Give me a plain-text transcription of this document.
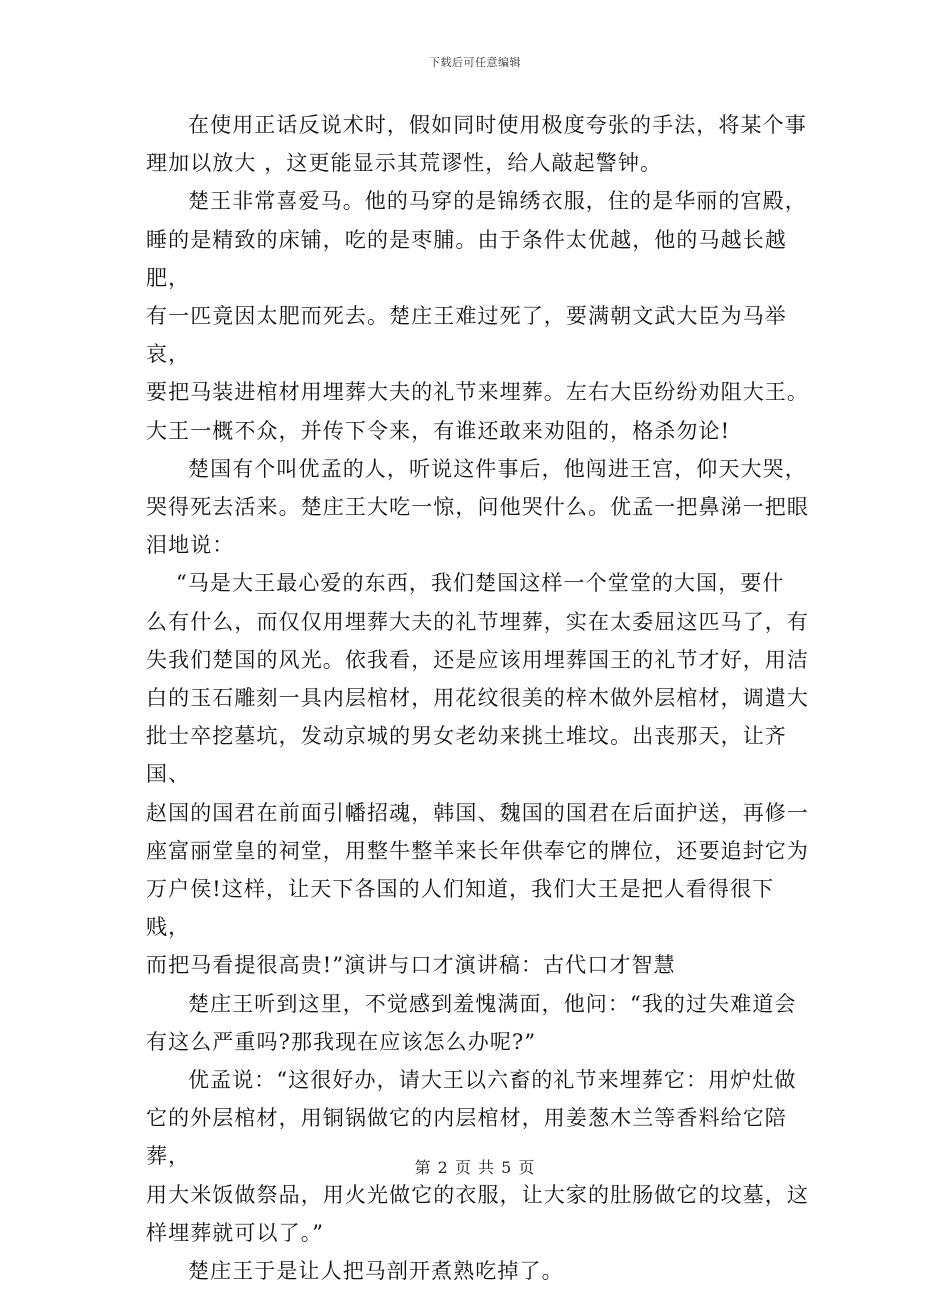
下载后可任意编辑

在使用正话反说术时，假如同时使用极度夸张的手法，将某个事
理加以放大 ，这更能显示其荒谬性，给人敲起警钟。

楚王非常喜爱马。他的马穿的是锦绣衣服，住的是华丽的宫殿，
睡的是精致的床铺，吃的是枣脯。由于条件太优越，他的马越长越肥，
有一匹竟因太肥而死去。楚庄王难过死了，要满朝文武大臣为马举哀，
要把马装进棺材用埋葬大夫的礼节来埋葬。左右大臣纷纷劝阻大王。
大王一概不众，并传下令来，有谁还敢来劝阻的，格杀勿论!

楚国有个叫优孟的人，听说这件事后，他闯进王宫，仰天大哭，
哭得死去活来。楚庄王大吃一惊，问他哭什么。优孟一把鼻涕一把眼
泪地说：

“马是大王最心爱的东西，我们楚国这样一个堂堂的大国，要什
么有什么，而仅仅用埋葬大夫的礼节埋葬，实在太委屈这匹马了，有
失我们楚国的风光。依我看，还是应该用埋葬国王的礼节才好，用洁
白的玉石雕刻一具内层棺材，用花纹很美的梓木做外层棺材，调遣大
批士卒挖墓坑，发动京城的男女老幼来挑土堆坟。出丧那天，让齐国、
赵国的国君在前面引幡招魂，韩国、魏国的国君在后面护送，再修一
座富丽堂皇的祠堂，用整牛整羊来长年供奉它的牌位，还要追封它为
万户侯!这样，让天下各国的人们知道，我们大王是把人看得很下贱，
而把马看提很高贵!”演讲与口才演讲稿：古代口才智慧

楚庄王听到这里，不觉感到羞愧满面，他问：“我的过失难道会
有这么严重吗?那我现在应该怎么办呢?”

优孟说：“这很好办，请大王以六畜的礼节来埋葬它：用炉灶做
它的外层棺材，用铜锅做它的内层棺材，用姜葱木兰等香料给它陪葬，
用大米饭做祭品，用火光做它的衣服，让大家的肚肠做它的坟墓，这
样埋葬就可以了。”

楚庄王于是让人把马剖开煮熟吃掉了。

第 2 页 共 5 页
